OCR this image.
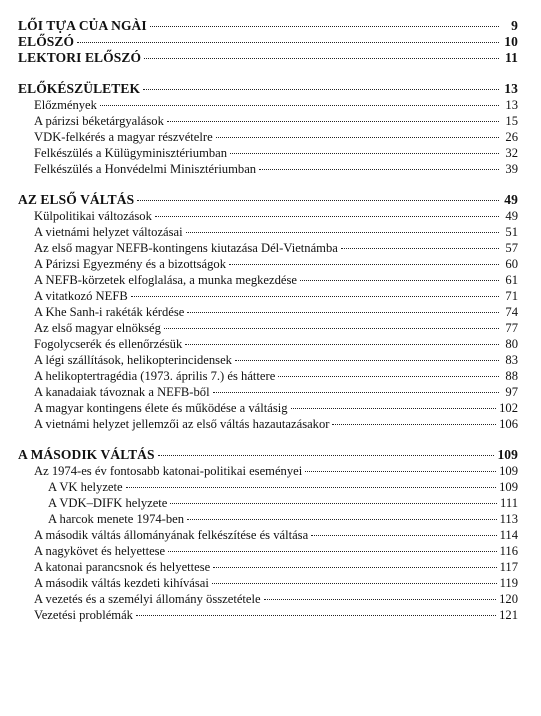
LŐI TỰA CỦA NGÀI	9
ELŐSZÓ	10
LEKTORI ELŐSZÓ	11
ELŐKÉSZÜLETEK	13
Előzmények	13
A párizsi béketárgyalások	15
VDK-felkérés a magyar részvételre	26
Felkészülés a Külügyminisztériumban	32
Felkészülés a Honvédelmi Minisztériumban	39
AZ ELSŐ VÁLTÁS	49
Külpolitikai változások	49
A vietnámi helyzet változásai	51
Az első magyar NEFB-kontingens kiutazása Dél-Vietnámba	57
A Párizsi Egyezmény és a bizottságok	60
A NEFB-körzetek elfoglalása, a munka megkezdése	61
A vitatkozó NEFB	71
A Khe Sanh-i rakéták kérdése	74
Az első magyar elnökség	77
Fogolycserék és ellenőrzésük	80
A légi szállítások, helikopterincidensek	83
A helikoptertragédia (1973. április 7.) és háttere	88
A kanadaiak távoznak a NEFB-ből	97
A magyar kontingens élete és működése a váltásig	102
A vietnámi helyzet jellemzői az első váltás hazautazásakor	106
A MÁSODIK VÁLTÁS	109
Az 1974-es év fontosabb katonai-politikai eseményei	109
A VK helyzete	109
A VDK–DIFK helyzete	111
A harcok menete 1974-ben	113
A második váltás állományának felkészítése és váltása	114
A nagykövet és helyettese	116
A katonai parancsnok és helyettese	117
A második váltás kezdeti kihívásai	119
A vezetés és a személyi állomány összetétele	120
Vezetési problémák	121
